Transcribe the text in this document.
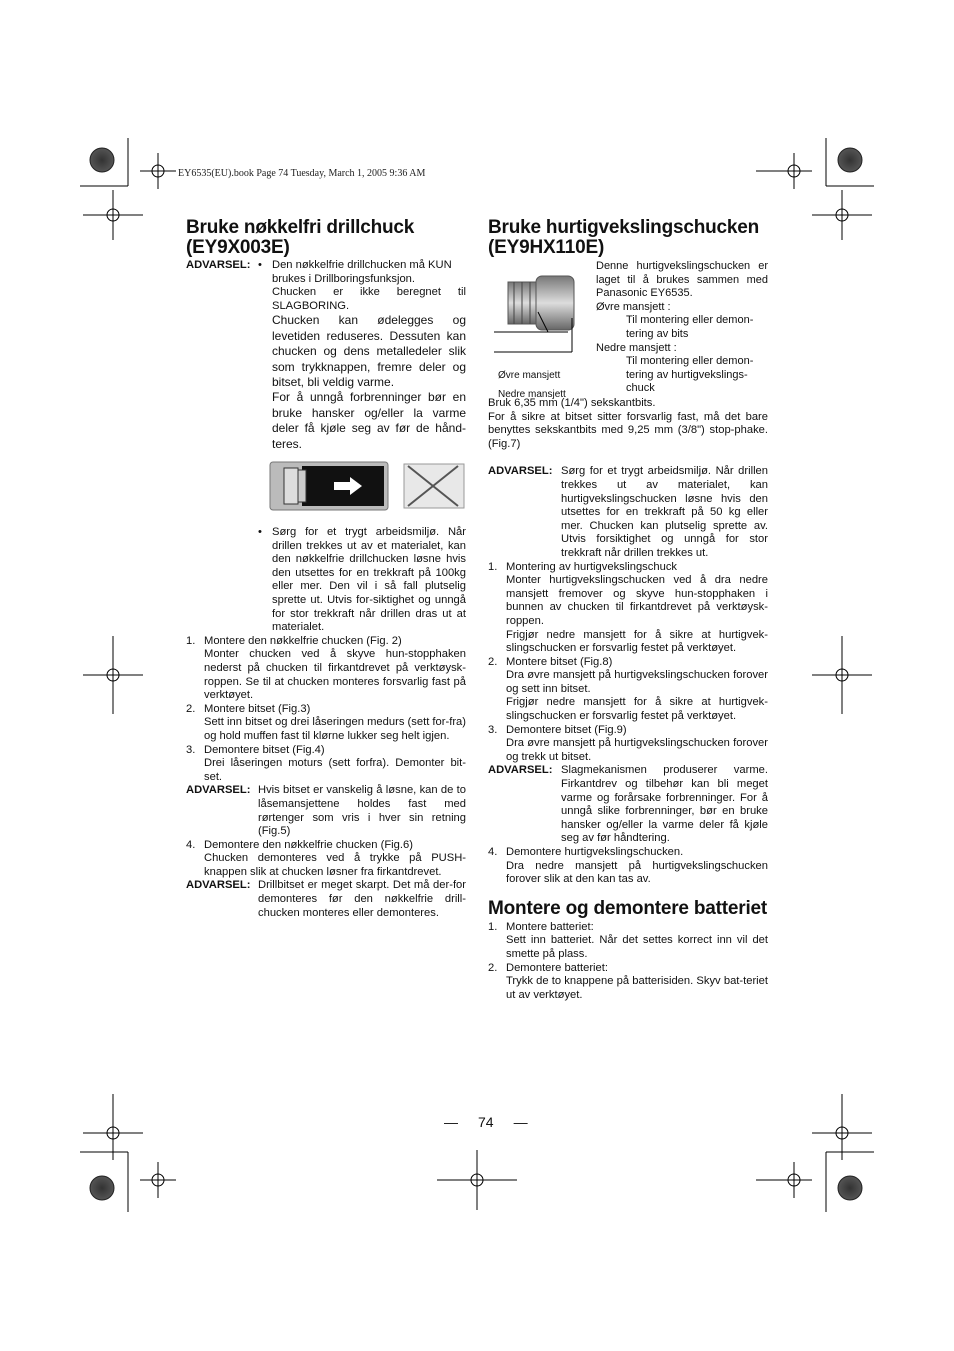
EY6535(EU).book Page 74 Tuesday, March 1, 2005 9:36 AM
Bruke nøkkelfri drillchuck
(EY9X003E)
ADVARSEL: • Den nøkkelfrie drillchucken må KUN brukes i Drillboringsfunksjon.

Chucken er ikke beregnet til SLAGBORING.

Chucken kan ødelegges og levetiden reduseres. Dessuten kan chucken og dens metalledeler slik som trykknappen, fremre deler og bitset, bli veldig varme.

For å unngå forbrenninger bør en bruke hansker og/eller la varme deler få kjøle seg av før de hånd-teres.

• Sørg for et trygt arbeidsmiljø. Når drillen trekkes ut av et materialet, kan den nøkkelfrie drillchucken løsne hvis den utsettes for en trekkraft på 100kg eller mer. Den vil i så fall plutselig sprette ut. Utvis for-siktighet og unngå for stor trekkraft når drillen dras ut at materialet.

1. Montere den nøkkelfrie chucken (Fig. 2)

Monter chucken ved å skyve hun-stopphaken nederst på chucken til firkantdrevet på verktøysk-roppen. Se til at chucken monteres forsvarlig fast på verktøyet.

2. Montere bitset (Fig.3)

Sett inn bitset og drei låseringen medurs (sett for-fra) og hold muffen fast til klørne lukker seg helt igjen.

3. Demontere bitset (Fig.4)

Drei låseringen moturs (sett forfra). Demonter bit-set.

ADVARSEL: Hvis bitset er vanskelig å løsne, kan de to låsemansjettene holdes fast med rørtenger som vris i hver sin retning (Fig.5)

4. Demontere den nøkkelfrie chucken (Fig.6)

Chucken demonteres ved å trykke på PUSH-knappen slik at chucken løsner fra firkantdrevet.

ADVARSEL: Drillbitset er meget skarpt. Det må der-for demonteres før den nøkkelfrie drill-chucken monteres eller demonteres.

Bruke hurtigvekslingschucken
(EY9HX110E)
Øvre mansjett
Nedre mansjett

Denne hurtigvekslingschucken er laget til å brukes sammen med Panasonic EY6535.

Øvre mansjett :

Til montering eller demon-tering av bits

Nedre mansjett :

Til montering eller demon-tering av hurtigvekslings-chuck

Bruk 6,35 mm (1/4") sekskantbits.

For å sikre at bitset sitter forsvarlig fast, må det bare benyttes sekskantbits med 9,25 mm (3/8") stop-phake. (Fig.7)

ADVARSEL: Sørg for et trygt arbeidsmiljø. Når drillen trekkes ut av materialet, kan hurtigvekslingschucken løsne hvis den utsettes for en trekkraft på 50 kg eller mer. Chucken kan plutselig sprette av. Utvis forsiktighet og unngå for stor trekkraft når drillen trekkes ut.

1. Montering av hurtigvekslingschuck

Monter hurtigvekslingschucken ved å dra nedre mansjett fremover og skyve hun-stopphaken i bunnen av chucken til firkantdrevet på verktøysk-roppen.

Frigjør nedre mansjett for å sikre at hurtigvek-slingschucken er forsvarlig festet på verktøyet.

2. Montere bitset (Fig.8)

Dra øvre mansjett på hurtigvekslingschucken forover og sett inn bitset.

Frigjør nedre mansjett for å sikre at hurtigvek-slingschucken er forsvarlig festet på verktøyet.

3. Demontere bitset (Fig.9)

Dra øvre mansjett på hurtigvekslingschucken forover og trekk ut bitset.

ADVARSEL: Slagmekanismen produserer varme. Firkantdrev og tilbehør kan bli meget varme og forårsake forbrenninger. For å unngå slike forbrenninger, bør en bruke hansker og/eller la varme deler få kjøle seg av før håndtering.

4. Demontere hurtigvekslingschucken.

Dra nedre mansjett på hurtigvekslingschucken forover slik at den kan tas av.

Montere og demontere batteriet
1. Montere batteriet:

Sett inn batteriet. Når det settes korrect inn vil det smette på plass.

2. Demontere batteriet:

Trykk de to knappene på batterisiden. Skyv bat-teriet ut av verktøyet.

— 74 —
